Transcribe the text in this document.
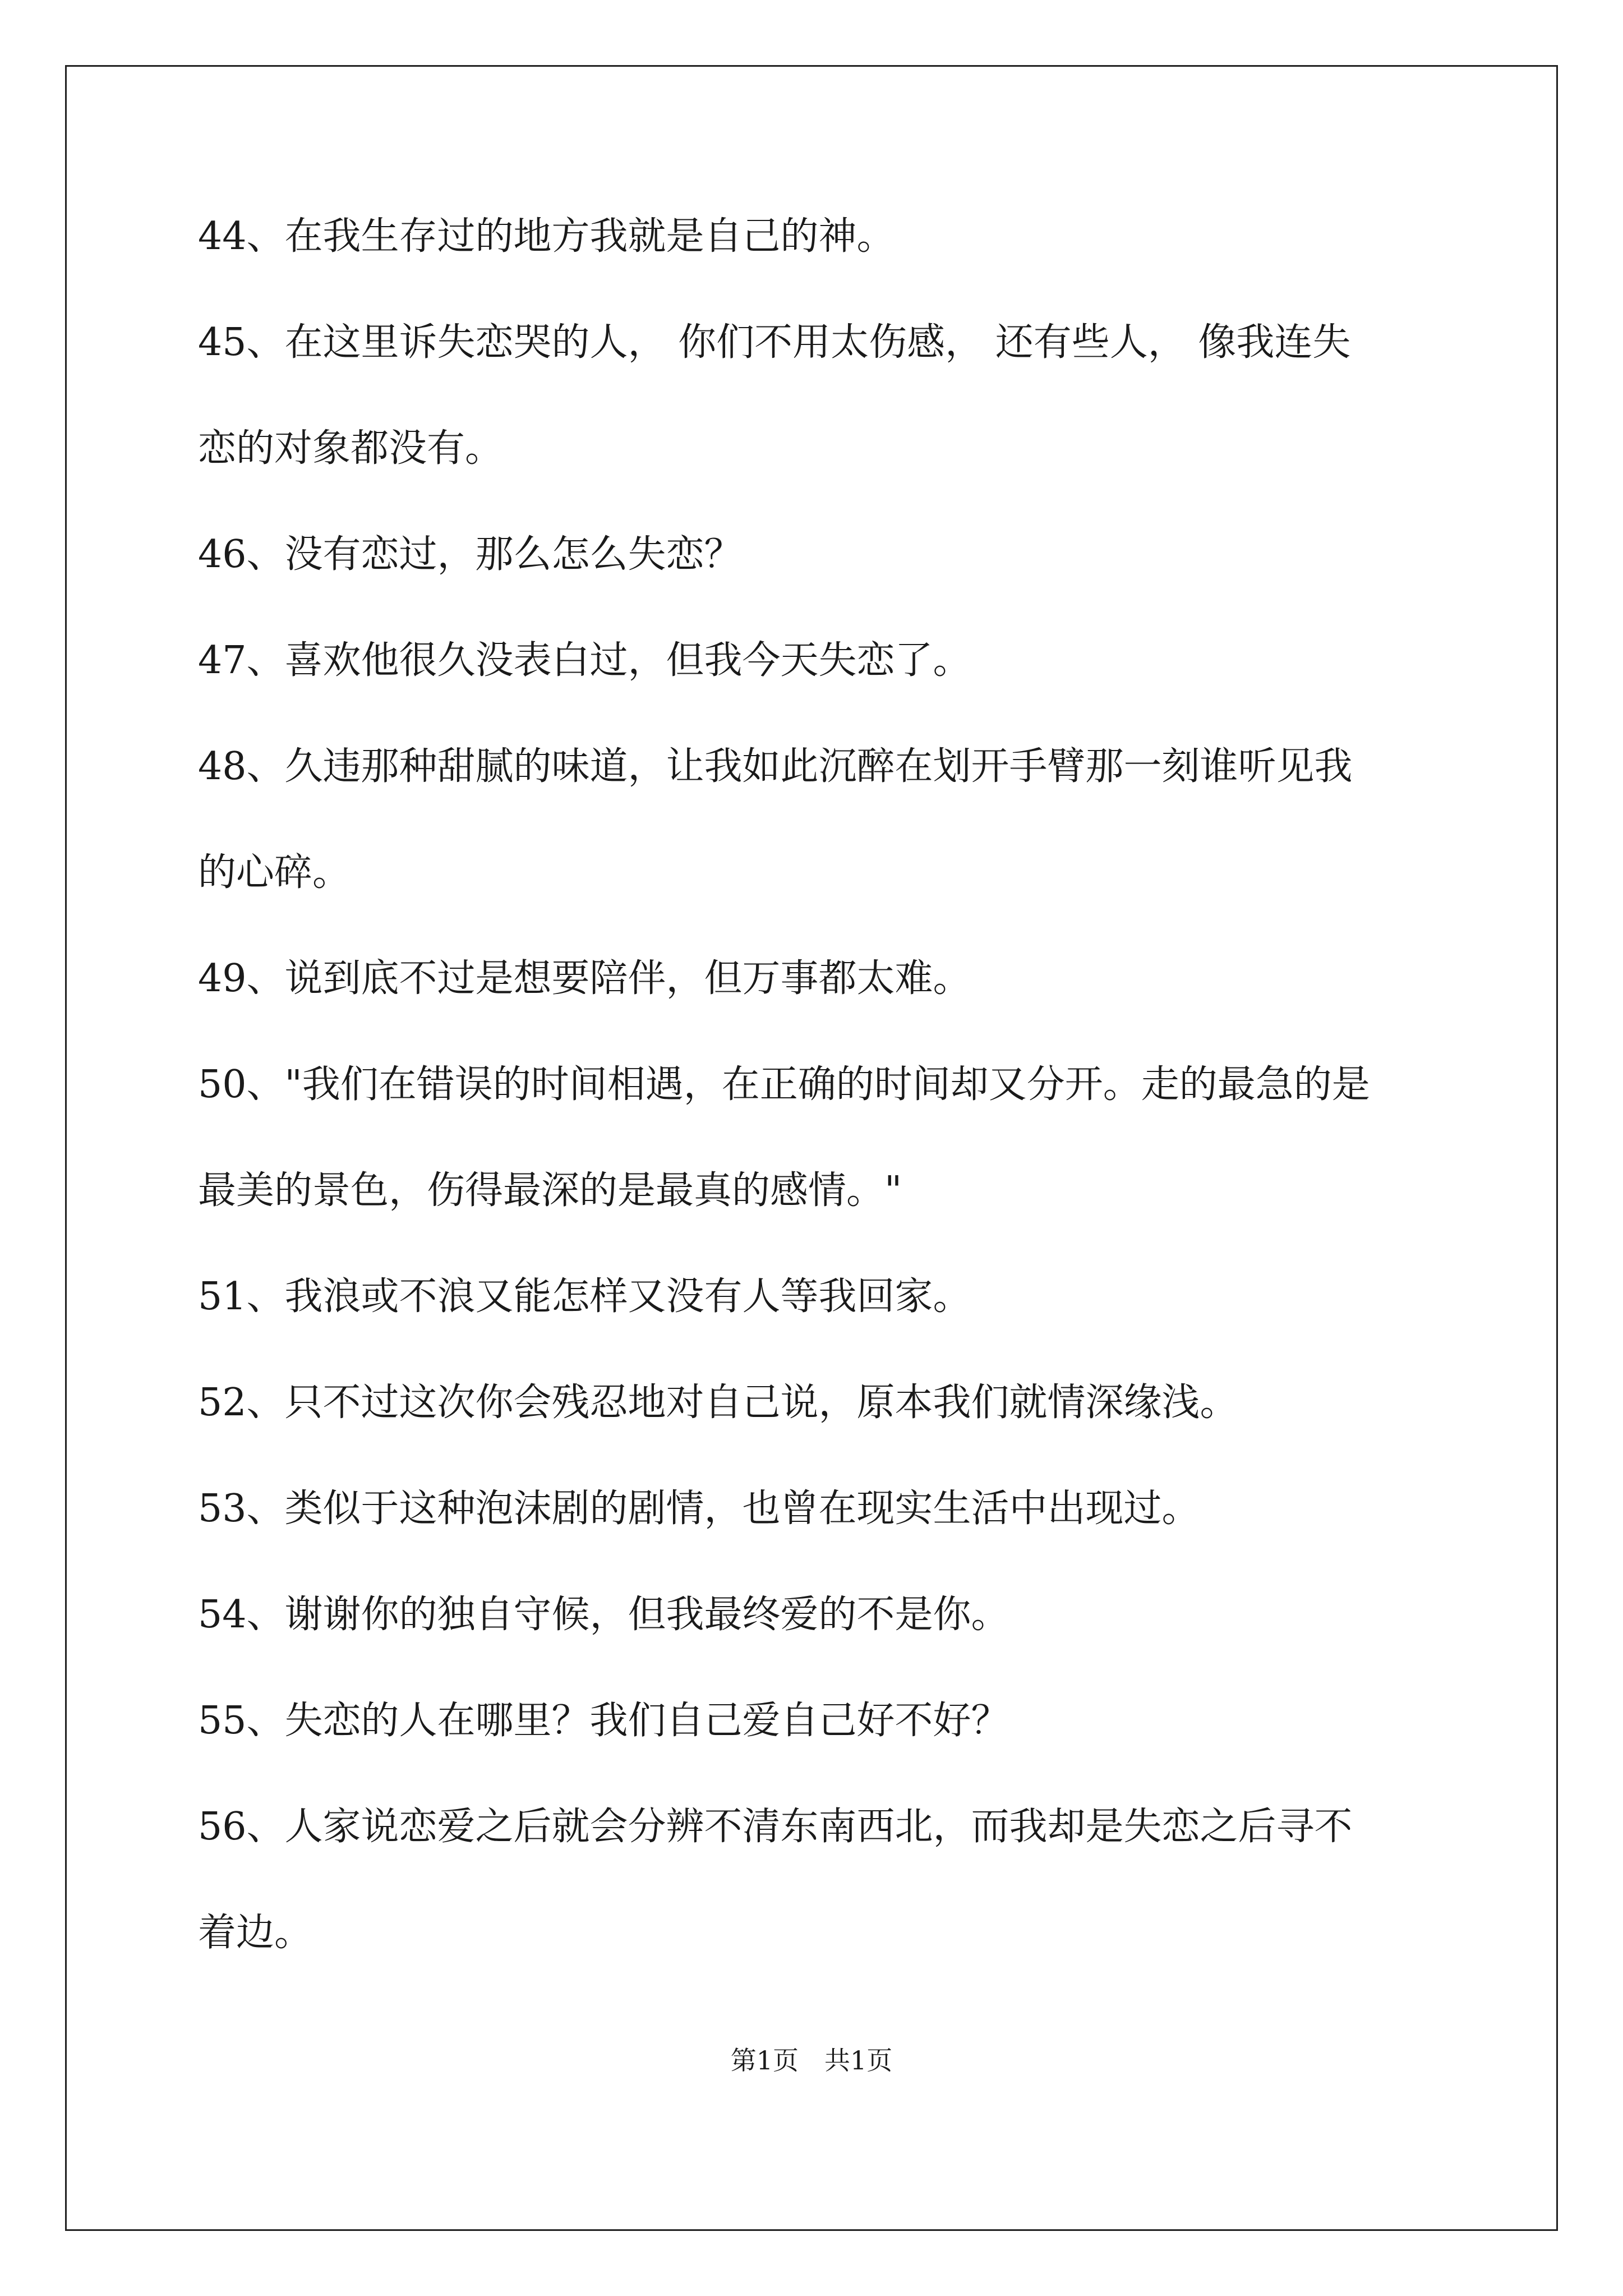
44、在我生存过的地方我就是自己的神。
45、在这里诉失恋哭的人， 你们不用太伤感， 还有些人， 像我连失
恋的对象都没有。
46、没有恋过，那么怎么失恋？
47、喜欢他很久没表白过，但我今天失恋了。
48、久违那种甜腻的味道，让我如此沉醉在划开手臂那一刻谁听见我
的心碎。
49、说到底不过是想要陪伴，但万事都太难。
50、"我们在错误的时间相遇，在正确的时间却又分开。走的最急的是
最美的景色，伤得最深的是最真的感情。"
51、我浪或不浪又能怎样又没有人等我回家。
52、只不过这次你会残忍地对自己说，原本我们就情深缘浅。
53、类似于这种泡沫剧的剧情，也曾在现实生活中出现过。
54、谢谢你的独自守候，但我最终爱的不是你。
55、失恋的人在哪里？我们自己爱自己好不好？
56、人家说恋爱之后就会分辨不清东南西北，而我却是失恋之后寻不
着边。
第1页　共1页
